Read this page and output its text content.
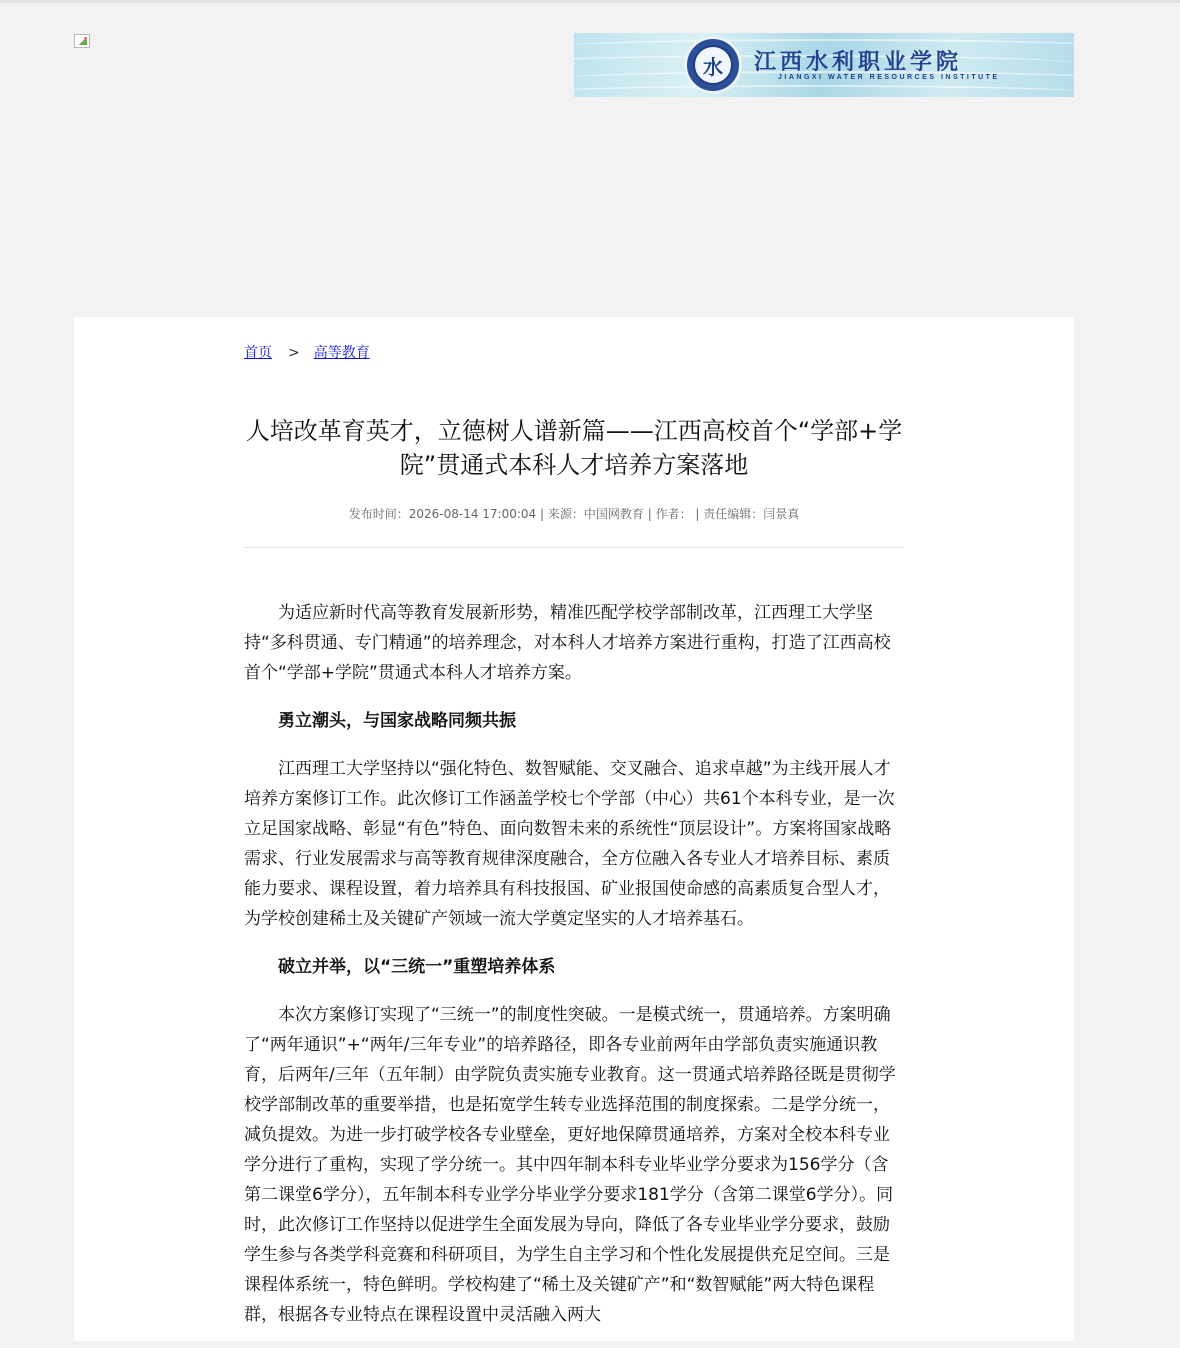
水	江西水利职业学院
JIANGXI WATER RESOURCES INSTITUTE
首页 > 高等教育
人培改革育英才，立德树人谱新篇——江西高校首个“学部+学院”贯通式本科人才培养方案落地
发布时间：2026-08-14 17:00:04 | 来源：中国网教育 | 作者： | 责任编辑：闫景真

为适应新时代高等教育发展新形势，精准匹配学校学部制改革，江西理工大学坚持“多科贯通、专门精通”的培养理念，对本科人才培养方案进行重构，打造了江西高校首个“学部+学院”贯通式本科人才培养方案。

勇立潮头，与国家战略同频共振

江西理工大学坚持以“强化特色、数智赋能、交叉融合、追求卓越”为主线开展人才培养方案修订工作。此次修订工作涵盖学校七个学部（中心）共61个本科专业，是一次立足国家战略、彰显“有色”特色、面向数智未来的系统性“顶层设计”。方案将国家战略需求、行业发展需求与高等教育规律深度融合，全方位融入各专业人才培养目标、素质能力要求、课程设置，着力培养具有科技报国、矿业报国使命感的高素质复合型人才，为学校创建稀土及关键矿产领域一流大学奠定坚实的人才培养基石。

破立并举，以“三统一”重塑培养体系

本次方案修订实现了“三统一”的制度性突破。一是模式统一，贯通培养。方案明确了“两年通识”+“两年/三年专业”的培养路径，即各专业前两年由学部负责实施通识教育，后两年/三年（五年制）由学院负责实施专业教育。这一贯通式培养路径既是贯彻学校学部制改革的重要举措，也是拓宽学生转专业选择范围的制度探索。二是学分统一，减负提效。为进一步打破学校各专业壁垒，更好地保障贯通培养，方案对全校本科专业学分进行了重构，实现了学分统一。其中四年制本科专业毕业学分要求为156学分（含第二课堂6学分），五年制本科专业学分毕业学分要求181学分（含第二课堂6学分）。同时，此次修订工作坚持以促进学生全面发展为导向，降低了各专业毕业学分要求，鼓励学生参与各类学科竞赛和科研项目，为学生自主学习和个性化发展提供充足空间。三是课程体系统一，特色鲜明。学校构建了“稀土及关键矿产”和“数智赋能”两大特色课程群，根据各专业特点在课程设置中灵活融入两大
